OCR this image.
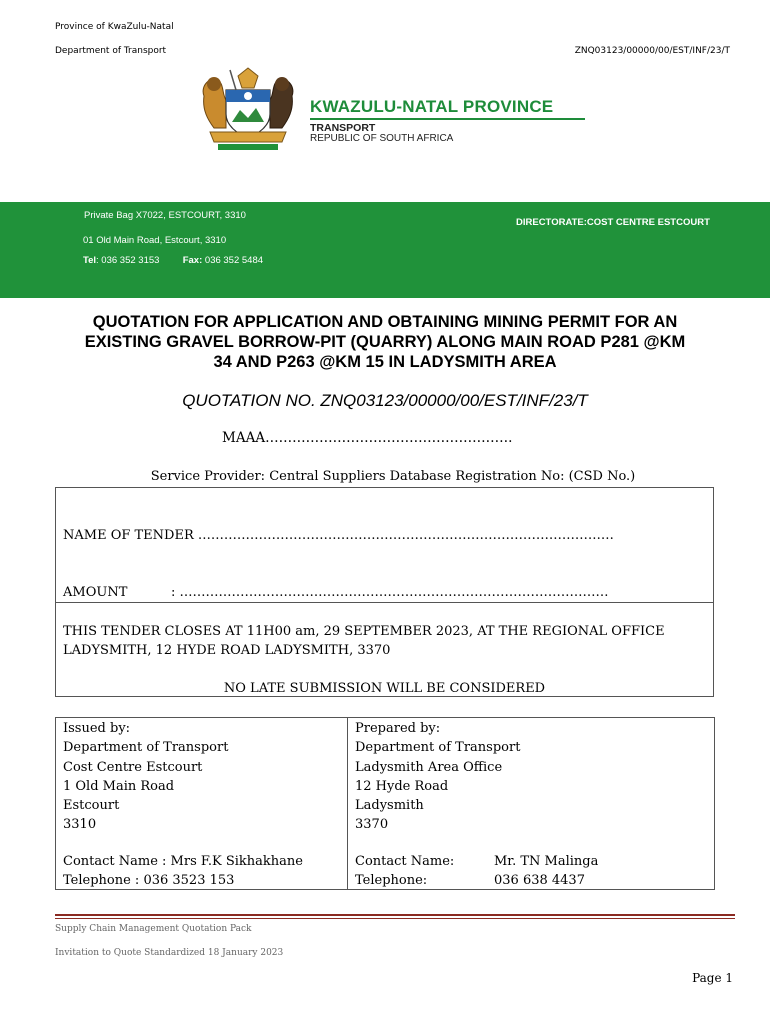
Province of KwaZulu-Natal
Department of Transport	ZNQ03123/00000/00/EST/INF/23/T
KWAZULU-NATAL PROVINCE
TRANSPORT
REPUBLIC OF SOUTH AFRICA
Private Bag X7022, ESTCOURT, 3310
01 Old Main Road, Estcourt, 3310
Tel: 036 352 3153 Fax: 036 352 5484
DIRECTORATE:COST CENTRE ESTCOURT
QUOTATION FOR APPLICATION AND OBTAINING MINING PERMIT FOR AN
EXISTING GRAVEL BORROW-PIT (QUARRY) ALONG MAIN ROAD P281 @KM
34 AND P263 @KM 15 IN LADYSMITH AREA
QUOTATION NO. ZNQ03123/00000/00/EST/INF/23/T
MAAA……………………………………………….
Service Provider: Central Suppliers Database Registration No: (CSD No.)
NAME OF TENDER ……………………………………………………………………………………
AMOUNT	: ………………………………………………………………………………………
THIS TENDER CLOSES AT 11H00 am, 29 SEPTEMBER 2023, AT THE REGIONAL OFFICE
LADYSMITH, 12 HYDE ROAD LADYSMITH, 3370
NO LATE SUBMISSION WILL BE CONSIDERED
Issued by:
Department of Transport
Cost Centre Estcourt
1 Old Main Road
Estcourt
3310
Contact Name : Mrs F.K Sikhakhane
Telephone : 036 3523 153
Prepared by:
Department of Transport
Ladysmith Area Office
12 Hyde Road
Ladysmith
3370
Contact Name:	Mr. TN Malinga
Telephone:	036 638 4437
Supply Chain Management Quotation Pack
Invitation to Quote Standardized 18 January 2023
Page 1
